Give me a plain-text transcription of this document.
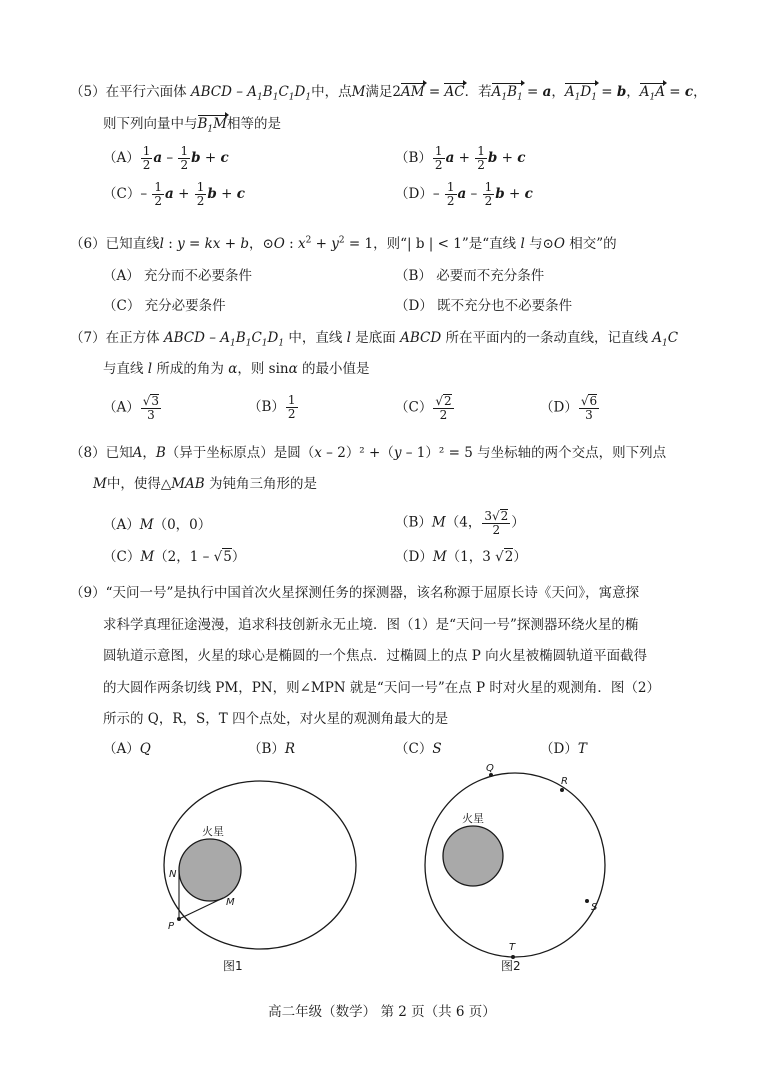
（5）在平行六面体 ABCD – $A_1B_1C_1D_1$中，点M满足2AM = AC．若$A_1B_1 = a$，$A_1D_1 = b$，$A_1A = c$，
则下列向量中与$B_1M$相等的是
$(A) \frac{1}{2}$ a – $\frac{1}{2}$ b + c	$(B) \frac{1}{2}$ $a + \frac{1}{2}$ b + c
$(C)- \frac{1}{2}$ $a + \frac{1}{2}$ b + c	$(D)- \frac{1}{2}$ a – $\frac{1}{2}$ b + c
（6）已知直线l : y = kx + b，⊙O : $x^2 + y^2 = 1$，则“| b | < 1”是“直线 l 与⊙O 相交”的
（A） 充分而不必要条件	（B） 必要而不充分条件
（C） 充分必要条件	（D） 既不充分也不必要条件
（7）在正方体 ABCD – $A_1B_1C_1D_1$ 中，直线 l 是底面 ABCD 所在平面内的一条动直线，记直线 $A_1C$
与直线 l 所成的角为 α，则 sinα 的最小值是
$(A) \frac{√3}{3}$	$(B) \frac{1}{2}$	$(C) \frac{√2}{2}$	$(D) \frac{√6}{3}$
（8）已知A，B（异于坐标原点）是圆（x – 2）² +（y – 1）² = 5 与坐标轴的两个交点，则下列点
M中，使得△MAB 为钝角三角形的是
（A）M（0，0）	（B）M（4， $\frac{3√2}{2}$ ）
（C）M（2，1 – √5）	（D）M（1，3 √2）
（9）“天问一号”是执行中国首次火星探测任务的探测器，该名称源于屈原长诗《天问》，寓意探
求科学真理征途漫漫，追求科技创新永无止境．图（1）是“天问一号”探测器环绕火星的椭
圆轨道示意图，火星的球心是椭圆的一个焦点．过椭圆上的点 P 向火星被椭圆轨道平面截得
的大圆作两条切线 PM，PN，则∠MPN 就是“天问一号”在点 P 时对火星的观测角．图（2）
所示的 Q，R，S，T 四个点处，对火星的观测角最大的是
（A）Q	（B）R	（C）S	（D）T
火星
N
M
P
图1
火星
Q
R
S
T
图2
高二年级（数学） 第 2 页（共 6 页）
